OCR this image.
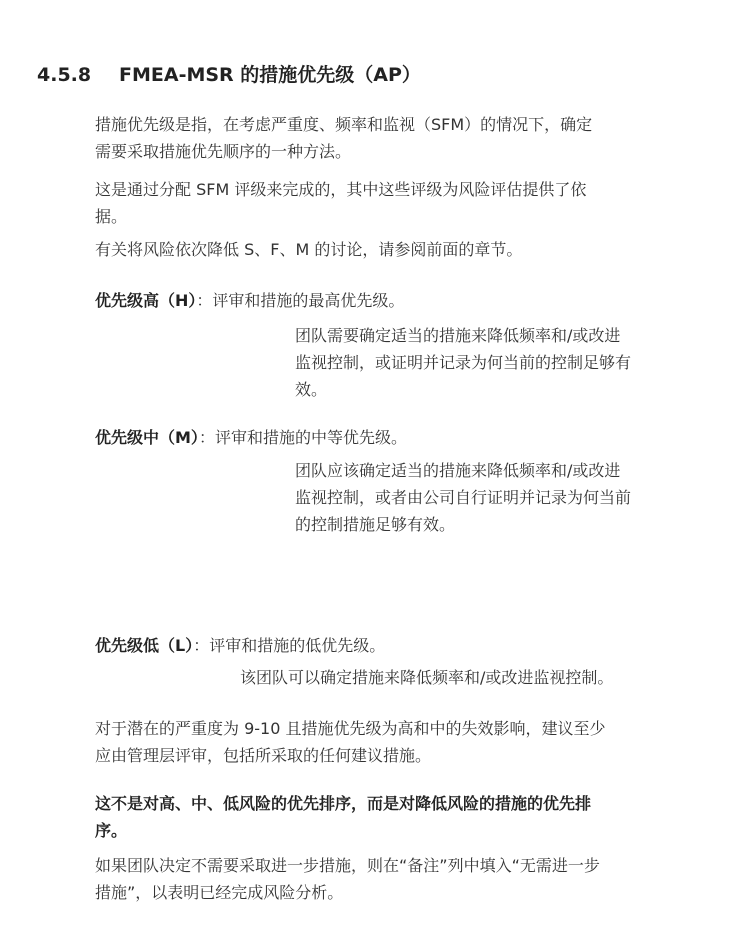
4.5.8 FMEA-MSR 的措施优先级（AP）
措施优先级是指，在考虑严重度、频率和监视（SFM）的情况下，确定
需要采取措施优先顺序的一种方法。
这是通过分配 SFM 评级来完成的，其中这些评级为风险评估提供了依
据。
有关将风险依次降低 S、F、M 的讨论，请参阅前面的章节。
优先级高（H）：评审和措施的最高优先级。
团队需要确定适当的措施来降低频率和/或改进
监视控制，或证明并记录为何当前的控制足够有
效。
优先级中（M）：评审和措施的中等优先级。
团队应该确定适当的措施来降低频率和/或改进
监视控制，或者由公司自行证明并记录为何当前
的控制措施足够有效。
优先级低（L）：评审和措施的低优先级。
该团队可以确定措施来降低频率和/或改进监视控制。
对于潜在的严重度为 9-10 且措施优先级为高和中的失效影响，建议至少
应由管理层评审，包括所采取的任何建议措施。
这不是对高、中、低风险的优先排序，而是对降低风险的措施的优先排
序。
如果团队决定不需要采取进一步措施，则在“备注”列中填入“无需进一步
措施”，以表明已经完成风险分析。
